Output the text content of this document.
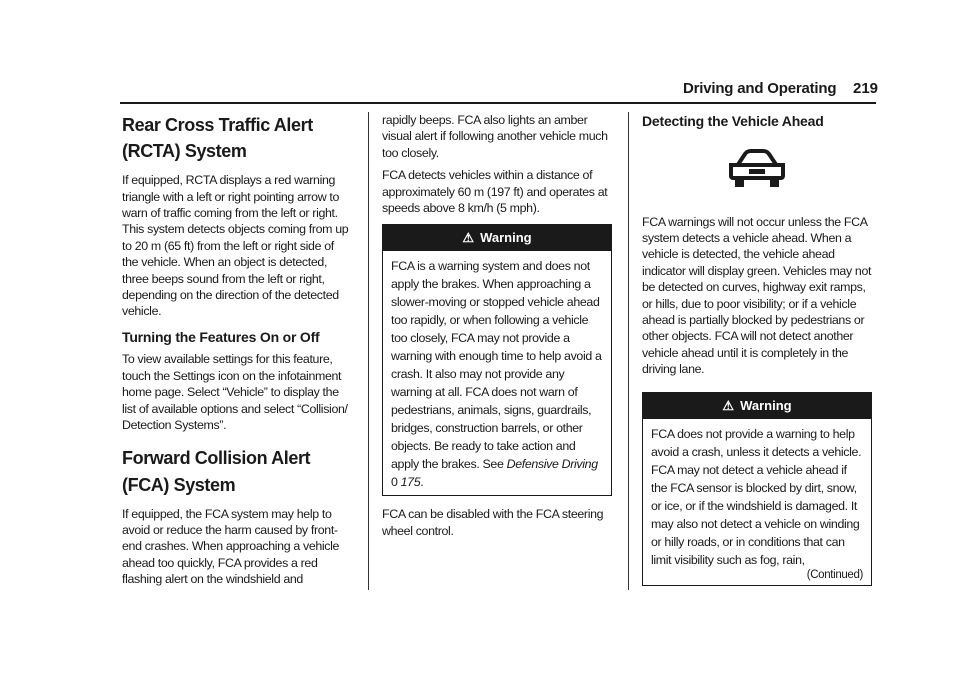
Driving and Operating 219
Rear Cross Traffic Alert (RCTA) System

If equipped, RCTA displays a red warning triangle with a left or right pointing arrow to warn of traffic coming from the left or right. This system detects objects coming from up to 20 m (65 ft) from the left or right side of the vehicle. When an object is detected, three beeps sound from the left or right, depending on the direction of the detected vehicle.

Turning the Features On or Off

To view available settings for this feature, touch the Settings icon on the infotainment home page. Select “Vehicle” to display the list of available options and select “Collision/ Detection Systems”.

Forward Collision Alert (FCA) System

If equipped, the FCA system may help to avoid or reduce the harm caused by front-end crashes. When approaching a vehicle ahead too quickly, FCA provides a red flashing alert on the windshield and

rapidly beeps. FCA also lights an amber visual alert if following another vehicle much too closely.

FCA detects vehicles within a distance of approximately 60 m (197 ft) and operates at speeds above 8 km/h (5 mph).

⚠ Warning
FCA is a warning system and does not apply the brakes. When approaching a slower-moving or stopped vehicle ahead too rapidly, or when following a vehicle too closely, FCA may not provide a warning with enough time to help avoid a crash. It also may not provide any warning at all. FCA does not warn of pedestrians, animals, signs, guardrails, bridges, construction barrels, or other objects. Be ready to take action and apply the brakes. See Defensive Driving
0 175.

FCA can be disabled with the FCA steering wheel control.

Detecting the Vehicle Ahead

FCA warnings will not occur unless the FCA system detects a vehicle ahead. When a vehicle is detected, the vehicle ahead indicator will display green. Vehicles may not be detected on curves, highway exit ramps, or hills, due to poor visibility; or if a vehicle ahead is partially blocked by pedestrians or other objects. FCA will not detect another vehicle ahead until it is completely in the driving lane.

⚠ Warning
FCA does not provide a warning to help avoid a crash, unless it detects a vehicle. FCA may not detect a vehicle ahead if the FCA sensor is blocked by dirt, snow, or ice, or if the windshield is damaged. It may also not detect a vehicle on winding or hilly roads, or in conditions that can limit visibility such as fog, rain,
(Continued)
